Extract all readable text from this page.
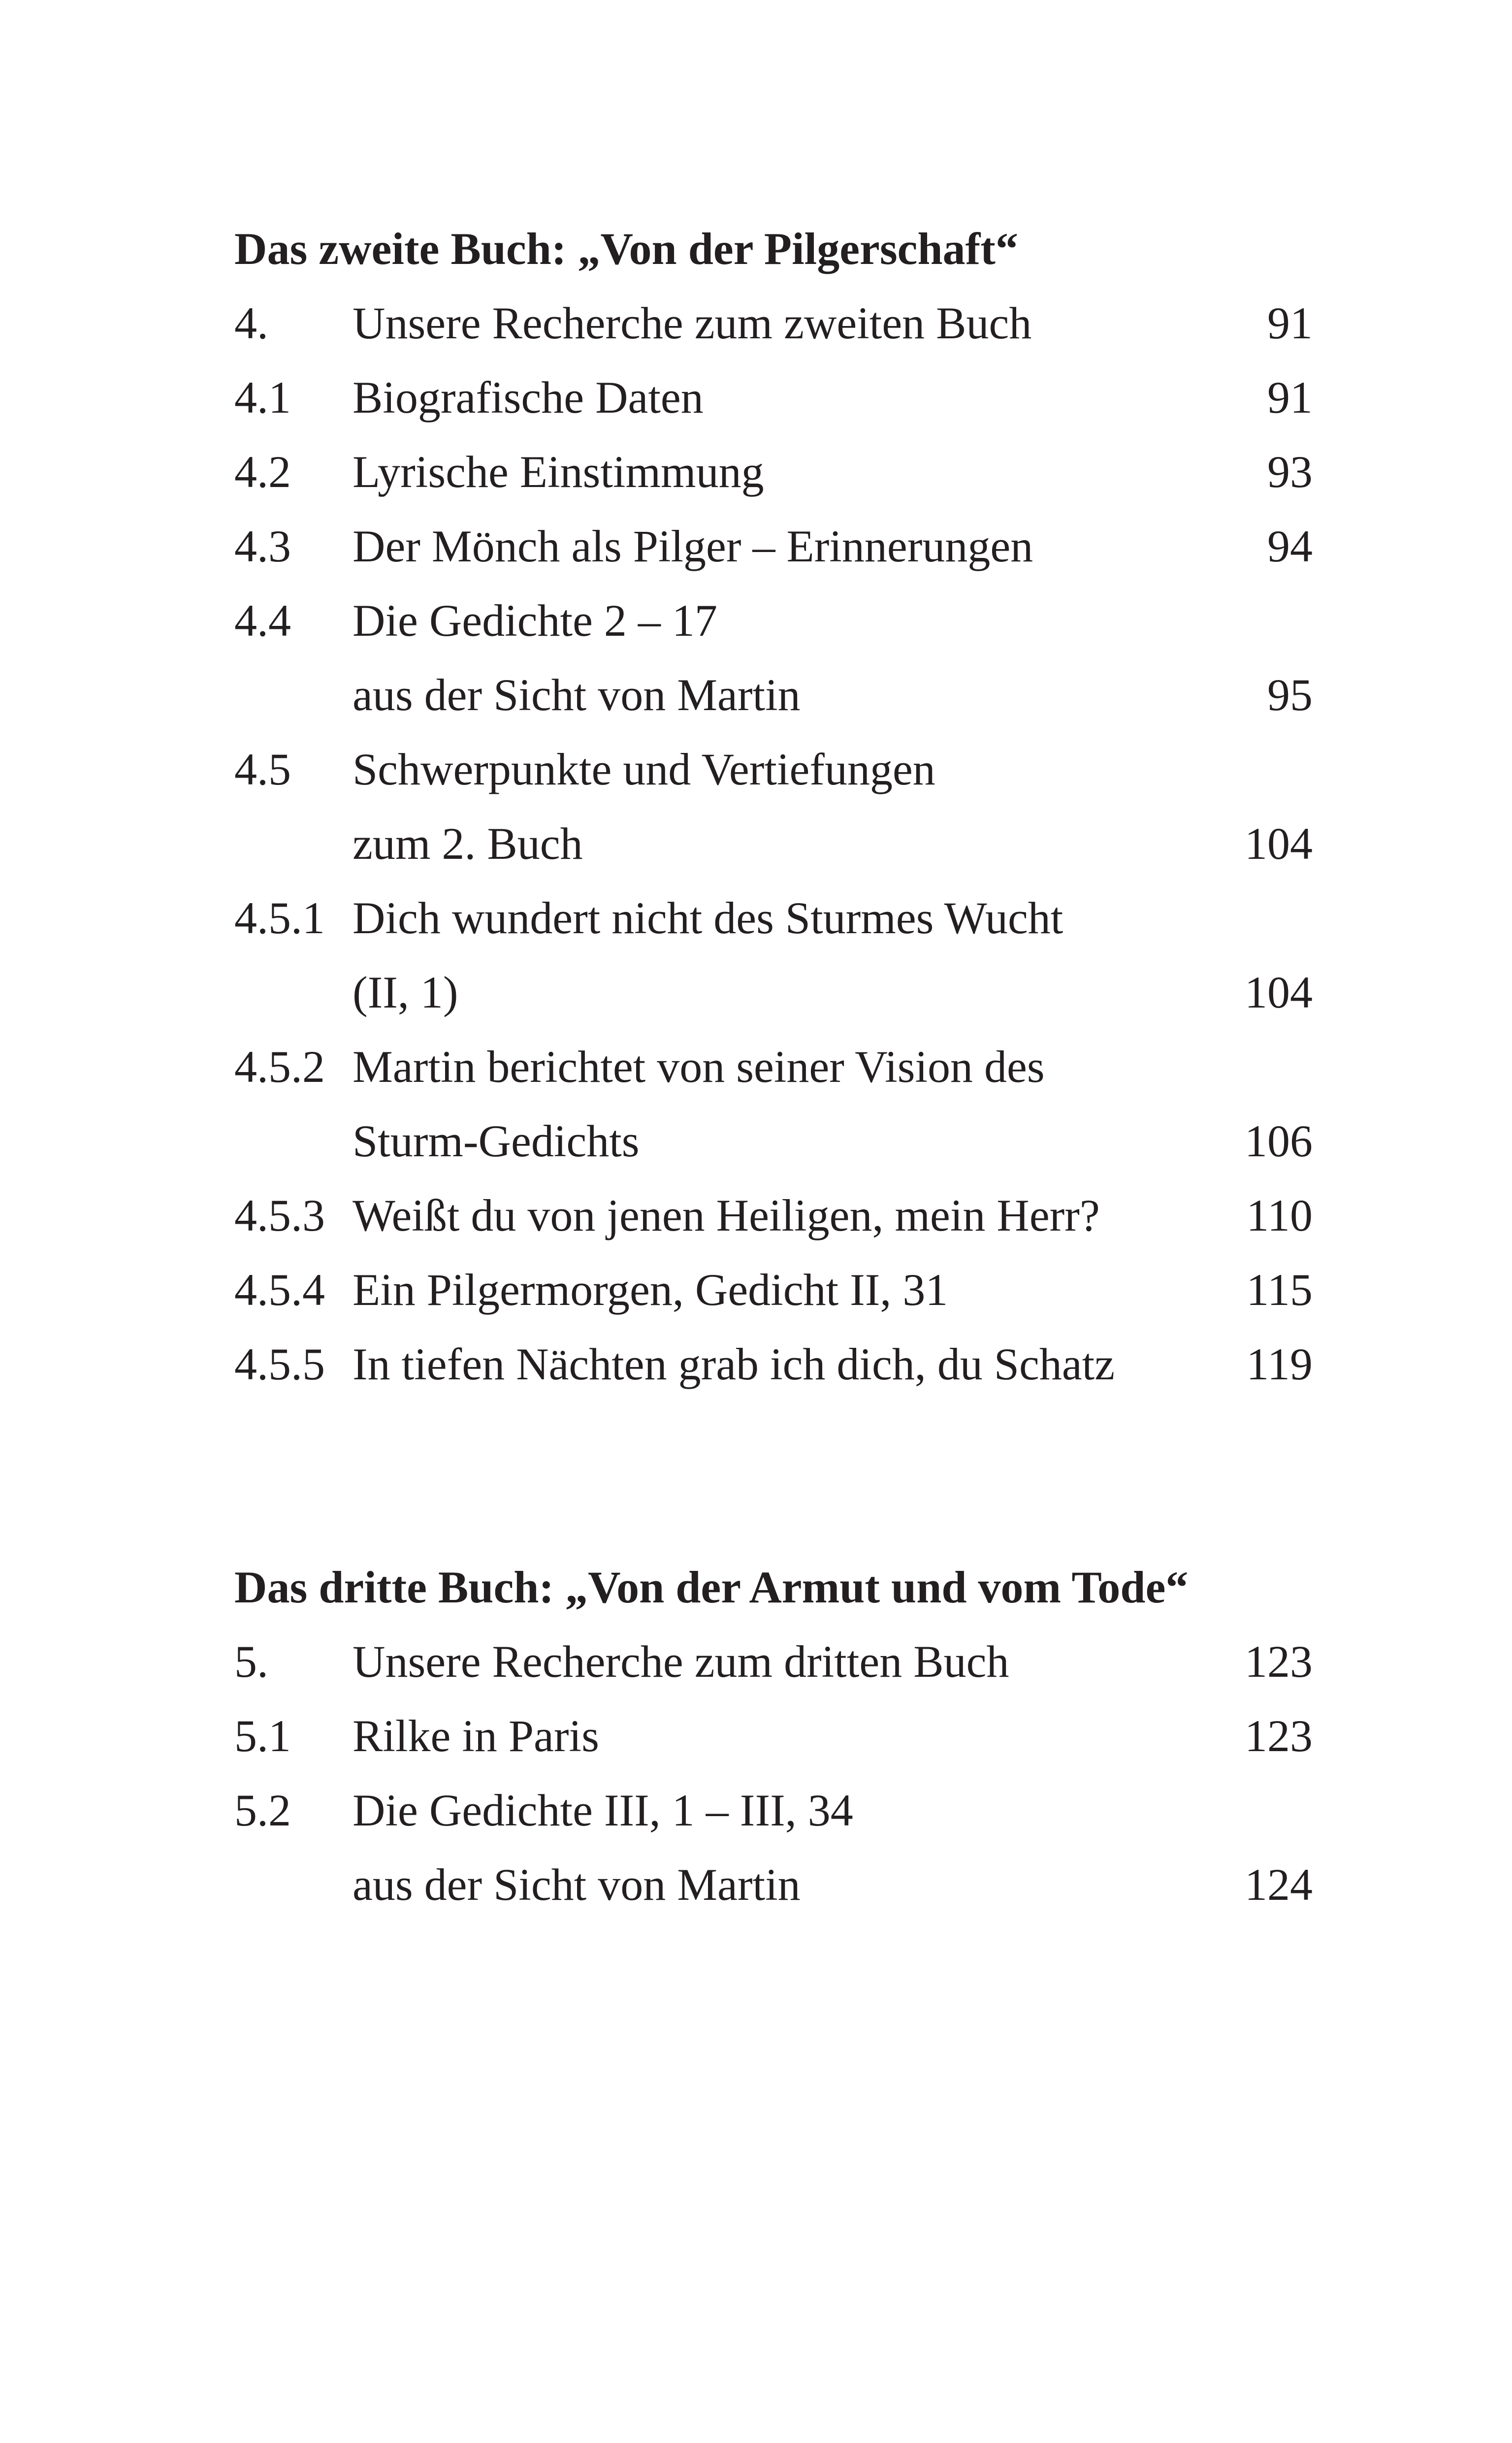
Das zweite Buch: „Von der Pilgerschaft“
4. Unsere Recherche zum zweiten Buch	91
4.1 Biografische Daten	91
4.2 Lyrische Einstimmung	93
4.3 Der Mönch als Pilger – Erinnerungen	94
4.4 Die Gedichte 2 – 17
aus der Sicht von Martin	95
4.5 Schwerpunkte und Vertiefungen
zum 2. Buch	104
4.5.1 Dich wundert nicht des Sturmes Wucht
(II, 1)	104
4.5.2 Martin berichtet von seiner Vision des
Sturm-Gedichts	106
4.5.3 Weißt du von jenen Heiligen, mein Herr?	110
4.5.4 Ein Pilgermorgen, Gedicht II, 31	115
4.5.5 In tiefen Nächten grab ich dich, du Schatz	119
Das dritte Buch: „Von der Armut und vom Tode“
5. Unsere Recherche zum dritten Buch	123
5.1 Rilke in Paris	123
5.2 Die Gedichte III, 1 – III, 34
aus der Sicht von Martin	124
